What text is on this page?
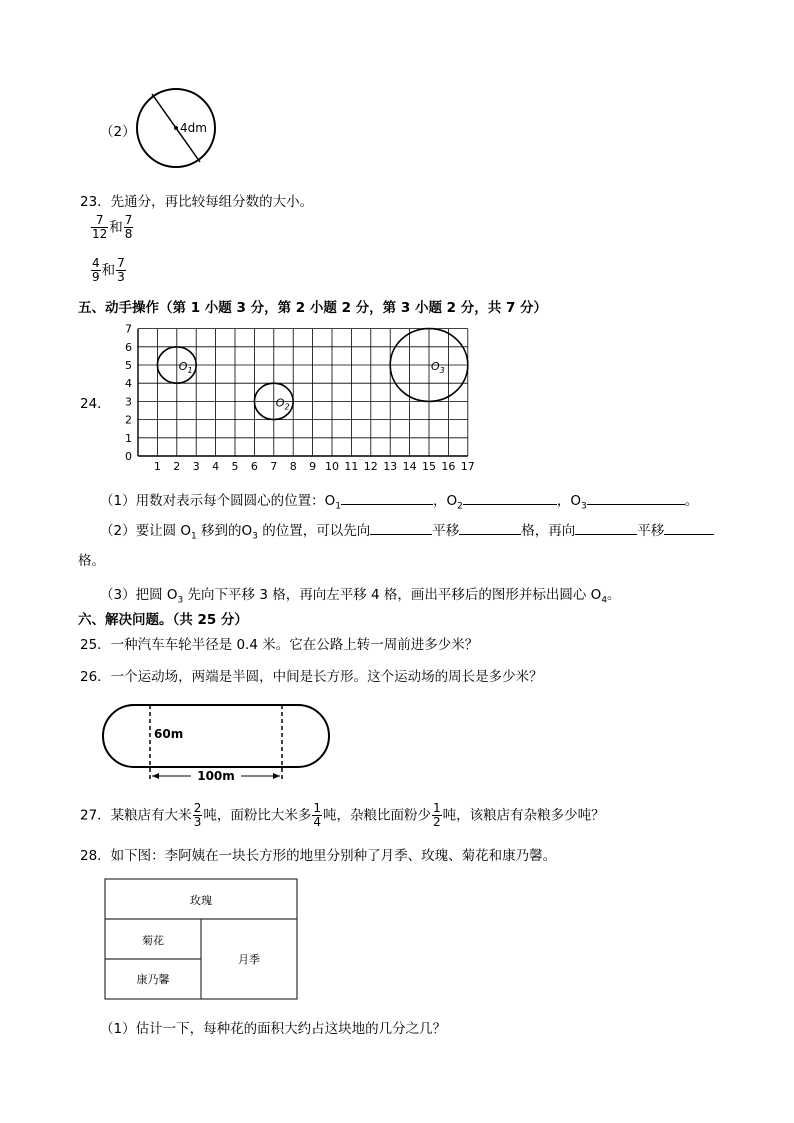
（2）	4dm
23．先通分，再比较每组分数的大小。
$\frac{7}{12}$ 和 $\frac{7}{8}$
$\frac{4}{9}$ 和 $\frac{7}{3}$
五、动手操作（第 1 小题 3 分，第 2 小题 2 分，第 3 小题 2 分，共 7 分）
24．
1 2 3 4 5 6 7 8 9 10 11 12 13 14 15 16 17
0
1
2
3
4
5
6
7
$O_1$
$O_2$
$O_3$
（1）用数对表示每个圆圆心的位置：$O_1$	，$O_2$	，$O_3$	。
（2）要让圆 $O_1$ 移到的$O_3$ 的位置，可以先向	平移	格，再向	平移
格。
（3）把圆 $O_3$ 先向下平移 3 格，再向左平移 4 格，画出平移后的图形并标出圆心 $O_4$。
六、解决问题。（共 25 分）
25．一种汽车车轮半径是 0.4 米。它在公路上转一周前进多少米？
26．一个运动场，两端是半圆，中间是长方形。这个运动场的周长是多少米？
60m
100m
27．某粮店有大米 $\frac{2}{3}$ 吨，面粉比大米多 $\frac{1}{4}$ 吨，杂粮比面粉少 $\frac{1}{2}$ 吨，该粮店有杂粮多少吨？
28．如下图：李阿姨在一块长方形的地里分别种了月季、玫瑰、菊花和康乃馨。
玫瑰
菊花
康乃馨
月季
（1）估计一下，每种花的面积大约占这块地的几分之几？
